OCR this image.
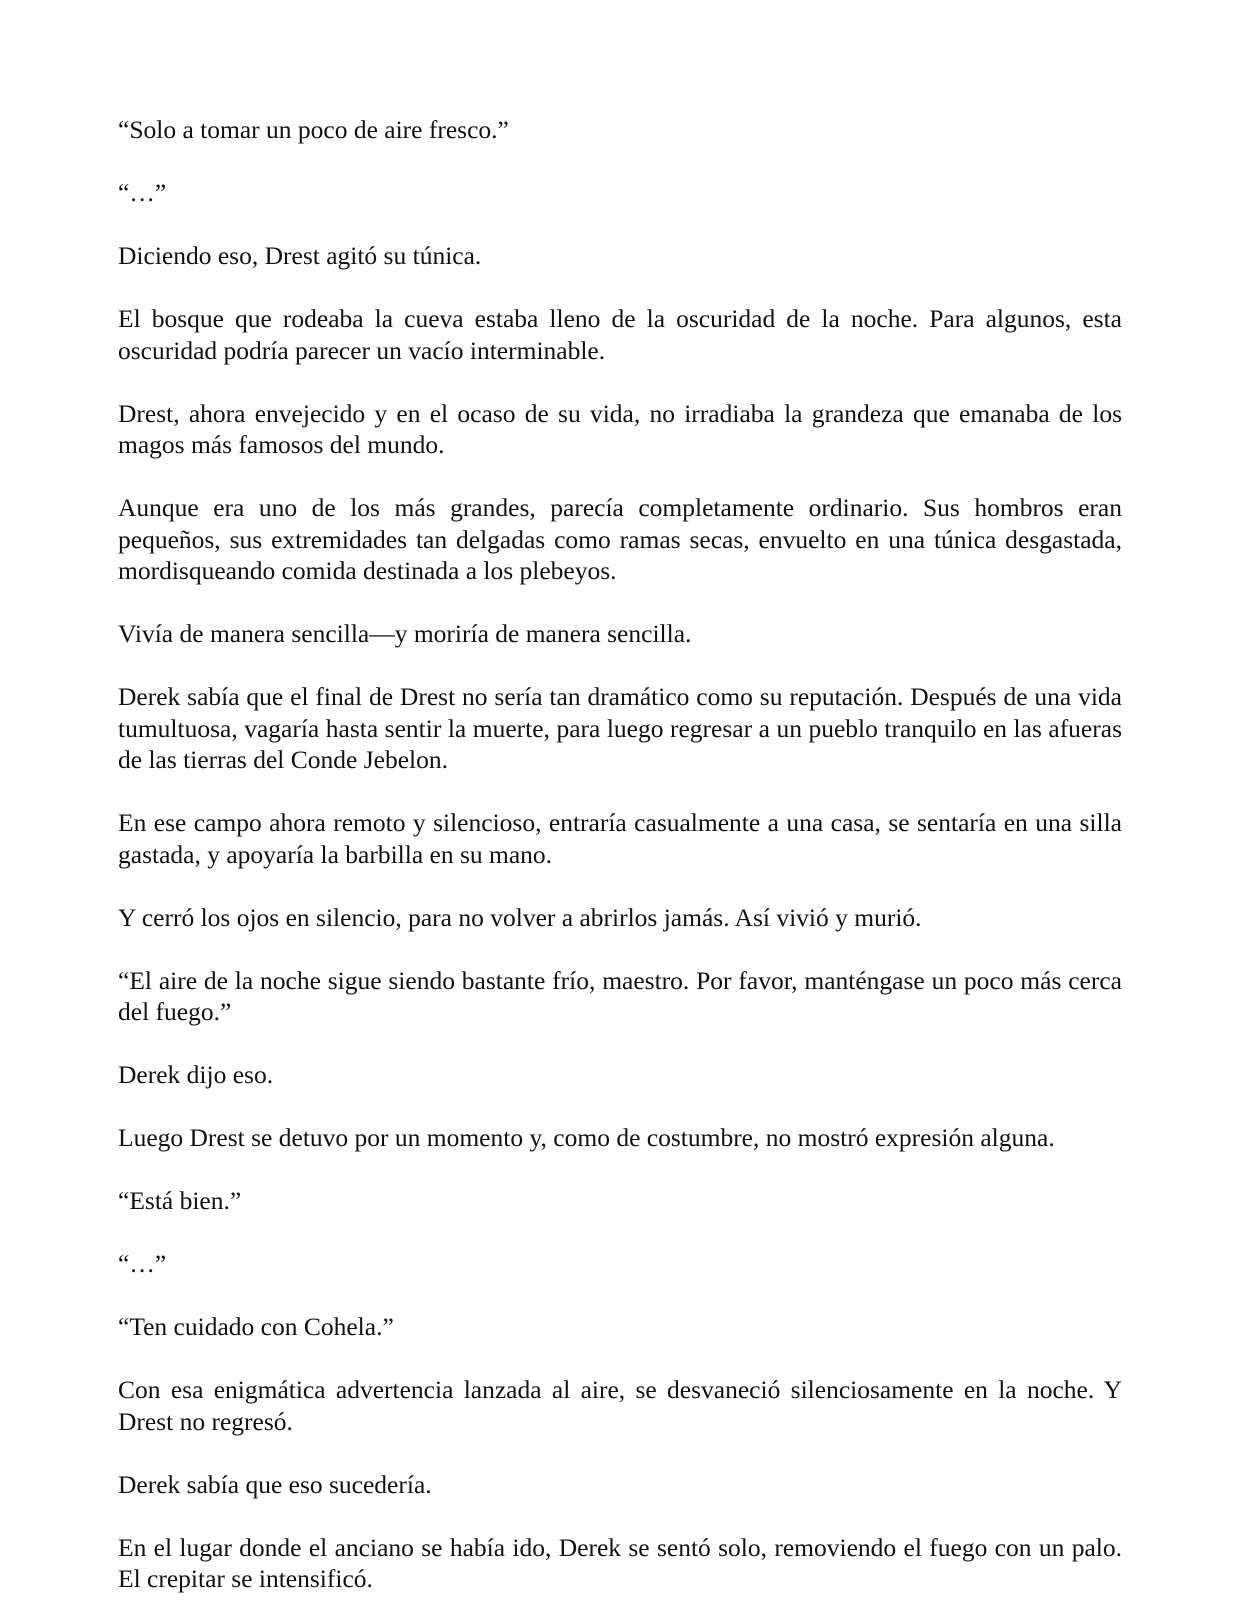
“Solo a tomar un poco de aire fresco.”

“…”

Diciendo eso, Drest agitó su túnica.

El bosque que rodeaba la cueva estaba lleno de la oscuridad de la noche. Para algunos, esta oscuridad podría parecer un vacío interminable.

Drest, ahora envejecido y en el ocaso de su vida, no irradiaba la grandeza que emanaba de los magos más famosos del mundo.

Aunque era uno de los más grandes, parecía completamente ordinario. Sus hombros eran pequeños, sus extremidades tan delgadas como ramas secas, envuelto en una túnica desgastada, mordisqueando comida destinada a los plebeyos.

Vivía de manera sencilla—y moriría de manera sencilla.

Derek sabía que el final de Drest no sería tan dramático como su reputación. Después de una vida tumultuosa, vagaría hasta sentir la muerte, para luego regresar a un pueblo tranquilo en las afueras de las tierras del Conde Jebelon.

En ese campo ahora remoto y silencioso, entraría casualmente a una casa, se sentaría en una silla gastada, y apoyaría la barbilla en su mano.

Y cerró los ojos en silencio, para no volver a abrirlos jamás. Así vivió y murió.

“El aire de la noche sigue siendo bastante frío, maestro. Por favor, manténgase un poco más cerca del fuego.”

Derek dijo eso.

Luego Drest se detuvo por un momento y, como de costumbre, no mostró expresión alguna.

“Está bien.”

“…”

“Ten cuidado con Cohela.”

Con esa enigmática advertencia lanzada al aire, se desvaneció silenciosamente en la noche. Y Drest no regresó.

Derek sabía que eso sucedería.

En el lugar donde el anciano se había ido, Derek se sentó solo, removiendo el fuego con un palo. El crepitar se intensificó.
